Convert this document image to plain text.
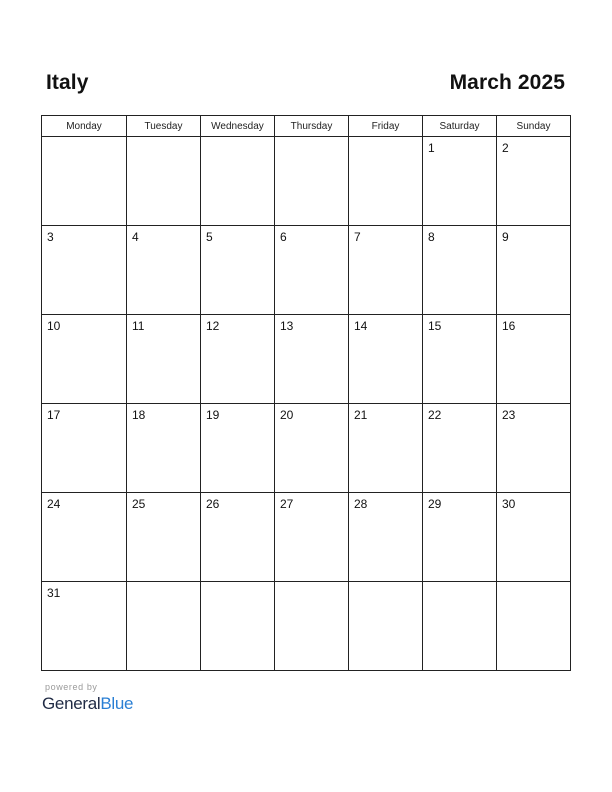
Italy	March 2025
Monday	Tuesday	Wednesday	Thursday	Friday	Saturday	Sunday

					1	2

3	4	5	6	7	8	9

10	11	12	13	14	15	16

17	18	19	20	21	22	23

24	25	26	27	28	29	30

31						

powered by
GeneralBlue
